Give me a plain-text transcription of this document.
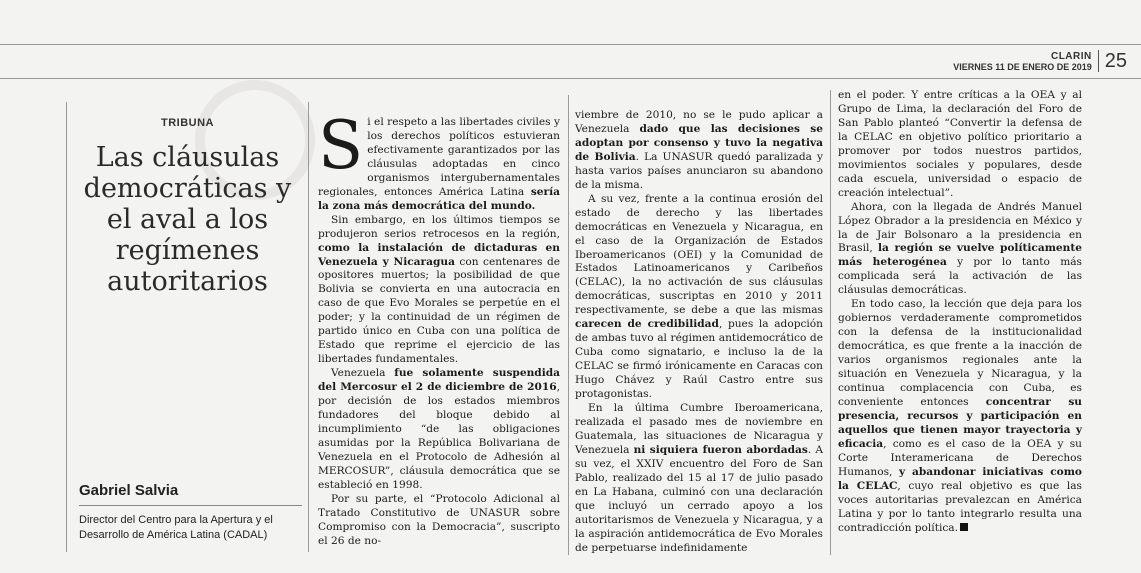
CLARIN
VIERNES 11 DE ENERO DE 2019 25
TRIBUNA
Las cláusulas democráticas y el aval a los regímenes autoritarios
Gabriel Salvia
Director del Centro para la Apertura y el Desarrollo de América Latina (CADAL)

Si el respeto a las libertades civiles y los derechos políticos estuvieran efectivamente garantizados por las cláusulas adoptadas en cinco organismos intergubernamentales regionales, entonces América Latina sería la zona más democrática del mundo.

Sin embargo, en los últimos tiempos se produjeron serios retrocesos en la región, como la instalación de dictaduras en Venezuela y Nicaragua con centenares de opositores muertos; la posibilidad de que Bolivia se convierta en una autocracia en caso de que Evo Morales se perpetúe en el poder; y la continuidad de un régimen de partido único en Cuba con una política de Estado que reprime el ejercicio de las libertades fundamentales.

Venezuela fue solamente suspendida del Mercosur el 2 de diciembre de 2016, por decisión de los estados miembros fundadores del bloque debido al incumplimiento “de las obligaciones asumidas por la República Bolivariana de Venezuela en el Protocolo de Adhesión al MERCOSUR”, cláusula democrática que se estableció en 1998.

Por su parte, el “Protocolo Adicional al Tratado Constitutivo de UNASUR sobre Compromiso con la Democracia”, suscripto el 26 de no-

viembre de 2010, no se le pudo aplicar a Venezuela dado que las decisiones se adoptan por consenso y tuvo la negativa de Bolivia. La UNASUR quedó paralizada y hasta varios países anunciaron su abandono de la misma.

A su vez, frente a la continua erosión del estado de derecho y las libertades democráticas en Venezuela y Nicaragua, en el caso de la Organización de Estados Iberoamericanos (OEI) y la Comunidad de Estados Latinoamericanos y Caribeños (CELAC), la no activación de sus cláusulas democráticas, suscriptas en 2010 y 2011 respectivamente, se debe a que las mismas carecen de credibilidad, pues la adopción de ambas tuvo al régimen antidemocrático de Cuba como signatario, e incluso la de la CELAC se firmó irónicamente en Caracas con Hugo Chávez y Raúl Castro entre sus protagonistas.

En la última Cumbre Iberoamericana, realizada el pasado mes de noviembre en Guatemala, las situaciones de Nicaragua y Venezuela ni siquiera fueron abordadas. A su vez, el XXIV encuentro del Foro de San Pablo, realizado del 15 al 17 de julio pasado en La Habana, culminó con una declaración que incluyó un cerrado apoyo a los autoritarismos de Venezuela y Nicaragua, y a la aspiración antidemocrática de Evo Morales de perpetuarse indefinidamente

en el poder. Y entre críticas a la OEA y al Grupo de Lima, la declaración del Foro de San Pablo planteó “Convertir la defensa de la CELAC en objetivo político prioritario a promover por todos nuestros partidos, movimientos sociales y populares, desde cada escuela, universidad o espacio de creación intelectual”.

Ahora, con la llegada de Andrés Manuel López Obrador a la presidencia en México y la de Jair Bolsonaro a la presidencia en Brasil, la región se vuelve políticamente más heterogénea y por lo tanto más complicada será la activación de las cláusulas democráticas.

En todo caso, la lección que deja para los gobiernos verdaderamente comprometidos con la defensa de la institucionalidad democrática, es que frente a la inacción de varios organismos regionales ante la situación en Venezuela y Nicaragua, y la continua complacencia con Cuba, es conveniente entonces concentrar su presencia, recursos y participación en aquellos que tienen mayor trayectoria y eficacia, como es el caso de la OEA y su Corte Interamericana de Derechos Humanos, y abandonar iniciativas como la CELAC, cuyo real objetivo es que las voces autoritarias prevalezcan en América Latina y por lo tanto integrarlo resulta una contradicción política.
